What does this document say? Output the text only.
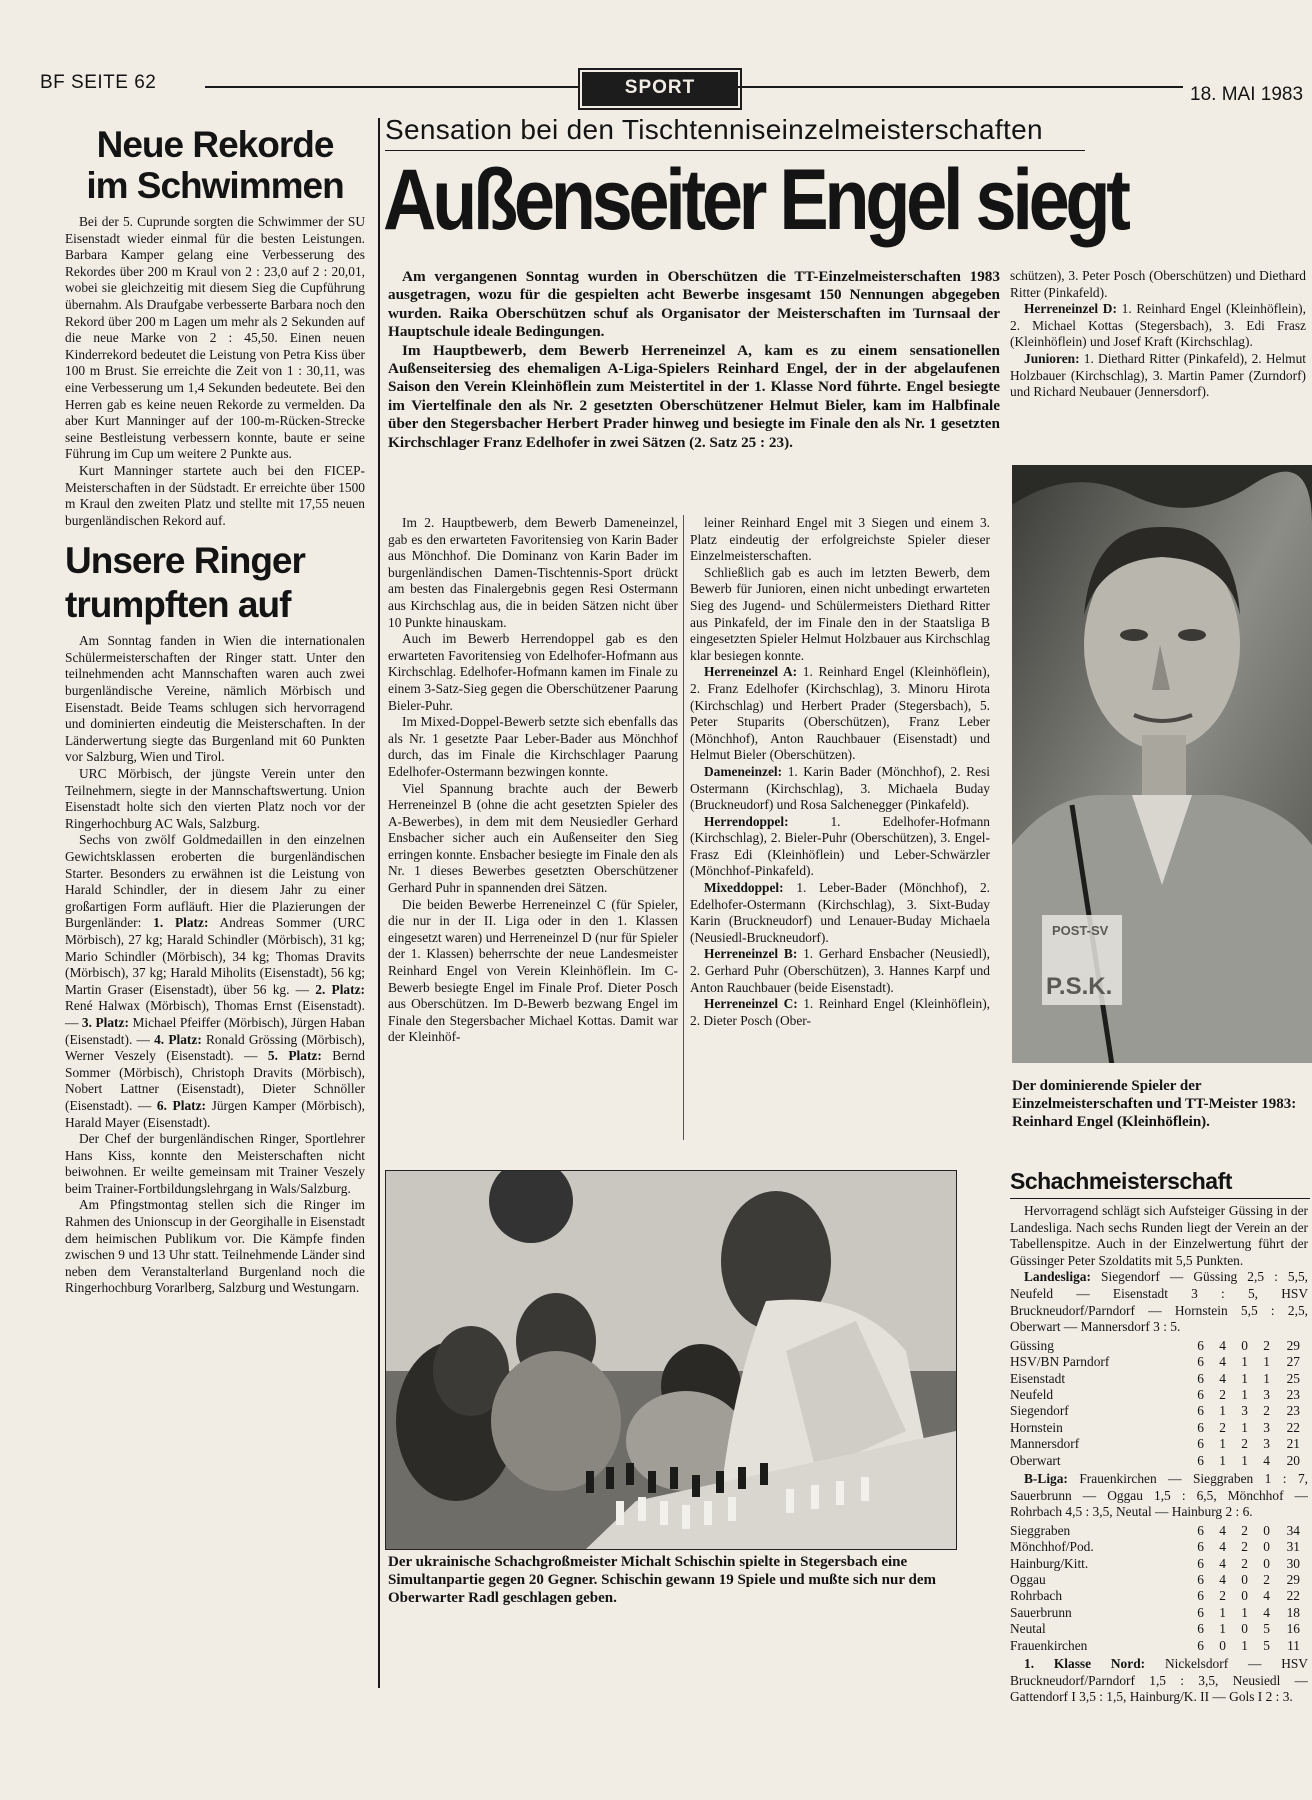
BF SEITE 62	SPORT	18. MAI 1983
Neue Rekorde
im Schwimmen

Bei der 5. Cuprunde sorgten die Schwimmer der SU Eisenstadt wieder einmal für die besten Leistungen. Barbara Kamper gelang eine Verbesserung des Rekordes über 200 m Kraul von 2 : 23,0 auf 2 : 20,01, wobei sie gleichzeitig mit diesem Sieg die Cupführung übernahm. Als Draufgabe verbesserte Barbara noch den Rekord über 200 m Lagen um mehr als 2 Sekunden auf die neue Marke von 2 : 45,50. Einen neuen Kinderrekord bedeutet die Leistung von Petra Kiss über 100 m Brust. Sie erreichte die Zeit von 1 : 30,11, was eine Verbesserung um 1,4 Sekunden bedeutete. Bei den Herren gab es keine neuen Rekorde zu vermelden. Da aber Kurt Manninger auf der 100-m-Rücken-Strecke seine Bestleistung verbessern konnte, baute er seine Führung im Cup um weitere 2 Punkte aus.

Kurt Manninger startete auch bei den FICEP-Meisterschaften in der Südstadt. Er erreichte über 1500 m Kraul den zweiten Platz und stellte mit 17,55 neuen burgenländischen Rekord auf.

Unsere Ringer
trumpften auf

Am Sonntag fanden in Wien die internationalen Schülermeisterschaften der Ringer statt. Unter den teilnehmenden acht Mannschaften waren auch zwei burgenländische Vereine, nämlich Mörbisch und Eisenstadt. Beide Teams schlugen sich hervorragend und dominierten eindeutig die Meisterschaften. In der Länderwertung siegte das Burgenland mit 60 Punkten vor Salzburg, Wien und Tirol.

URC Mörbisch, der jüngste Verein unter den Teilnehmern, siegte in der Mannschaftswertung. Union Eisenstadt holte sich den vierten Platz noch vor der Ringerhochburg AC Wals, Salzburg.

Sechs von zwölf Goldmedaillen in den einzelnen Gewichtsklassen eroberten die burgenländischen Starter. Besonders zu erwähnen ist die Leistung von Harald Schindler, der in diesem Jahr zu einer großartigen Form aufläuft. Hier die Plazierungen der Burgenländer: 1. Platz: Andreas Sommer (URC Mörbisch), 27 kg; Harald Schindler (Mörbisch), 31 kg; Mario Schindler (Mörbisch), 34 kg; Thomas Dravits (Mörbisch), 37 kg; Harald Miholits (Eisenstadt), 56 kg; Martin Graser (Eisenstadt), über 56 kg. — 2. Platz: René Halwax (Mörbisch), Thomas Ernst (Eisenstadt). — 3. Platz: Michael Pfeiffer (Mörbisch), Jürgen Haban (Eisenstadt). — 4. Platz: Ronald Grössing (Mörbisch), Werner Veszely (Eisenstadt). — 5. Platz: Bernd Sommer (Mörbisch), Christoph Dravits (Mörbisch), Nobert Lattner (Eisenstadt), Dieter Schnöller (Eisenstadt). — 6. Platz: Jürgen Kamper (Mörbisch), Harald Mayer (Eisenstadt).

Der Chef der burgenländischen Ringer, Sportlehrer Hans Kiss, konnte den Meisterschaften nicht beiwohnen. Er weilte gemeinsam mit Trainer Veszely beim Trainer-Fortbildungslehrgang in Wals/Salzburg.

Am Pfingstmontag stellen sich die Ringer im Rahmen des Unionscup in der Georgihalle in Eisenstadt dem heimischen Publikum vor. Die Kämpfe finden zwischen 9 und 13 Uhr statt. Teilnehmende Länder sind neben dem Veranstalterland Burgenland noch die Ringerhochburg Vorarlberg, Salzburg und Westungarn.

Sensation bei den Tischtenniseinzelmeisterschaften
Außenseiter Engel siegt

Am vergangenen Sonntag wurden in Oberschützen die TT-Einzelmeisterschaften 1983 ausgetragen, wozu für die gespielten acht Bewerbe insgesamt 150 Nennungen abgegeben wurden. Raika Oberschützen schuf als Organisator der Meisterschaften im Turnsaal der Hauptschule ideale Bedingungen.

Im Hauptbewerb, dem Bewerb Herreneinzel A, kam es zu einem sensationellen Außenseitersieg des ehemaligen A-Liga-Spielers Reinhard Engel, der in der abgelaufenen Saison den Verein Kleinhöflein zum Meistertitel in der 1. Klasse Nord führte. Engel besiegte im Viertelfinale den als Nr. 2 gesetzten Oberschützener Helmut Bieler, kam im Halbfinale über den Stegersbacher Herbert Prader hinweg und besiegte im Finale den als Nr. 1 gesetzten Kirchschlager Franz Edelhofer in zwei Sätzen (2. Satz 25 : 23).

Im 2. Hauptbewerb, dem Bewerb Dameneinzel, gab es den erwarteten Favoritensieg von Karin Bader aus Mönchhof. Die Dominanz von Karin Bader im burgenländischen Damen-Tischtennis-Sport drückt am besten das Finalergebnis gegen Resi Ostermann aus Kirchschlag aus, die in beiden Sätzen nicht über 10 Punkte hinauskam.

Auch im Bewerb Herrendoppel gab es den erwarteten Favoritensieg von Edelhofer-Hofmann aus Kirchschlag. Edelhofer-Hofmann kamen im Finale zu einem 3-Satz-Sieg gegen die Oberschützener Paarung Bieler-Puhr.

Im Mixed-Doppel-Bewerb setzte sich ebenfalls das als Nr. 1 gesetzte Paar Leber-Bader aus Mönchhof durch, das im Finale die Kirchschlager Paarung Edelhofer-Ostermann bezwingen konnte.

Viel Spannung brachte auch der Bewerb Herreneinzel B (ohne die acht gesetzten Spieler des A-Bewerbes), in dem mit dem Neusiedler Gerhard Ensbacher sicher auch ein Außenseiter den Sieg erringen konnte. Ensbacher besiegte im Finale den als Nr. 1 dieses Bewerbes gesetzten Oberschützener Gerhard Puhr in spannenden drei Sätzen.

Die beiden Bewerbe Herreneinzel C (für Spieler, die nur in der II. Liga oder in den 1. Klassen eingesetzt waren) und Herreneinzel D (nur für Spieler der 1. Klassen) beherrschte der neue Landesmeister Reinhard Engel von Verein Kleinhöflein. Im C-Bewerb besiegte Engel im Finale Prof. Dieter Posch aus Oberschützen. Im D-Bewerb bezwang Engel im Finale den Stegersbacher Michael Kottas. Damit war der Kleinhöf-

leiner Reinhard Engel mit 3 Siegen und einem 3. Platz eindeutig der erfolgreichste Spieler dieser Einzelmeisterschaften.

Schließlich gab es auch im letzten Bewerb, dem Bewerb für Junioren, einen nicht unbedingt erwarteten Sieg des Jugend- und Schülermeisters Diethard Ritter aus Pinkafeld, der im Finale den in der Staatsliga B eingesetzten Spieler Helmut Holzbauer aus Kirchschlag klar besiegen konnte.

Herreneinzel A: 1. Reinhard Engel (Kleinhöflein), 2. Franz Edelhofer (Kirchschlag), 3. Minoru Hirota (Kirchschlag) und Herbert Prader (Stegersbach), 5. Peter Stuparits (Oberschützen), Franz Leber (Mönchhof), Anton Rauchbauer (Eisenstadt) und Helmut Bieler (Oberschützen).

Dameneinzel: 1. Karin Bader (Mönchhof), 2. Resi Ostermann (Kirchschlag), 3. Michaela Buday (Bruckneudorf) und Rosa Salchenegger (Pinkafeld).

Herrendoppel:	1. Edelhofer-Hofmann (Kirchschlag), 2. Bieler-Puhr (Oberschützen), 3. Engel-Frasz Edi (Kleinhöflein) und Leber-Schwärzler (Mönchhof-Pinkafeld).

Mixeddoppel: 1. Leber-Bader (Mönchhof), 2. Edelhofer-Ostermann (Kirchschlag), 3. Sixt-Buday Karin (Bruckneudorf) und Lenauer-Buday Michaela (Neusiedl-Bruckneudorf).

Herreneinzel B: 1. Gerhard Ensbacher (Neusiedl), 2. Gerhard Puhr (Oberschützen), 3. Hannes Karpf und Anton Rauchbauer (beide Eisenstadt).

Herreneinzel C: 1. Reinhard Engel (Kleinhöflein), 2. Dieter Posch (Ober-

schützen), 3. Peter Posch (Oberschützen) und Diethard Ritter (Pinkafeld).

Herreneinzel D: 1. Reinhard Engel (Kleinhöflein), 2. Michael Kottas (Stegersbach), 3. Edi Frasz (Kleinhöflein) und Josef Kraft (Kirchschlag).

Junioren: 1. Diethard Ritter (Pinkafeld), 2. Helmut Holzbauer (Kirchschlag), 3. Martin Pamer (Zurndorf) und Richard Neubauer (Jennersdorf).

POST-SV
P.S.K.
Der dominierende Spieler der Einzelmeisterschaften und TT-Meister 1983: Reinhard Engel (Kleinhöflein).
Schachmeisterschaft

Hervorragend schlägt sich Aufsteiger Güssing in der Landesliga. Nach sechs Runden liegt der Verein an der Tabellenspitze. Auch in der Einzelwertung führt der Güssinger Peter Szoldatits mit 5,5 Punkten.

Landesliga: Siegendorf — Güssing 2,5 : 5,5, Neufeld — Eisenstadt 3 : 5, HSV Bruckneudorf/Parndorf — Hornstein 5,5 : 2,5, Oberwart — Mannersdorf 3 : 5.

Güssing	6	4	0	2	29
HSV/BN Parndorf	6	4	1	1	27
Eisenstadt	6	4	1	1	25
Neufeld	6	2	1	3	23
Siegendorf	6	1	3	2	23
Hornstein	6	2	1	3	22
Mannersdorf	6	1	2	3	21
Oberwart	6	1	1	4	20

B-Liga: Frauenkirchen — Sieggraben 1 : 7, Sauerbrunn — Oggau 1,5 : 6,5, Mönchhof — Rohrbach 4,5 : 3,5, Neutal — Hainburg 2 : 6.

Sieggraben	6	4	2	0	34
Mönchhof/Pod.	6	4	2	0	31
Hainburg/Kitt.	6	4	2	0	30
Oggau	6	4	0	2	29
Rohrbach	6	2	0	4	22
Sauerbrunn	6	1	1	4	18
Neutal	6	1	0	5	16
Frauenkirchen	6	0	1	5	11

1. Klasse Nord: Nickelsdorf — HSV Bruckneudorf/Parndorf 1,5 : 3,5, Neusiedl — Gattendorf I 3,5 : 1,5, Hainburg/K. II — Gols I 2 : 3.

Der ukrainische Schachgroßmeister Michalt Schischin spielte in Stegersbach eine Simultanpartie gegen 20 Gegner. Schischin gewann 19 Spiele und mußte sich nur dem Oberwarter Radl geschlagen geben.
